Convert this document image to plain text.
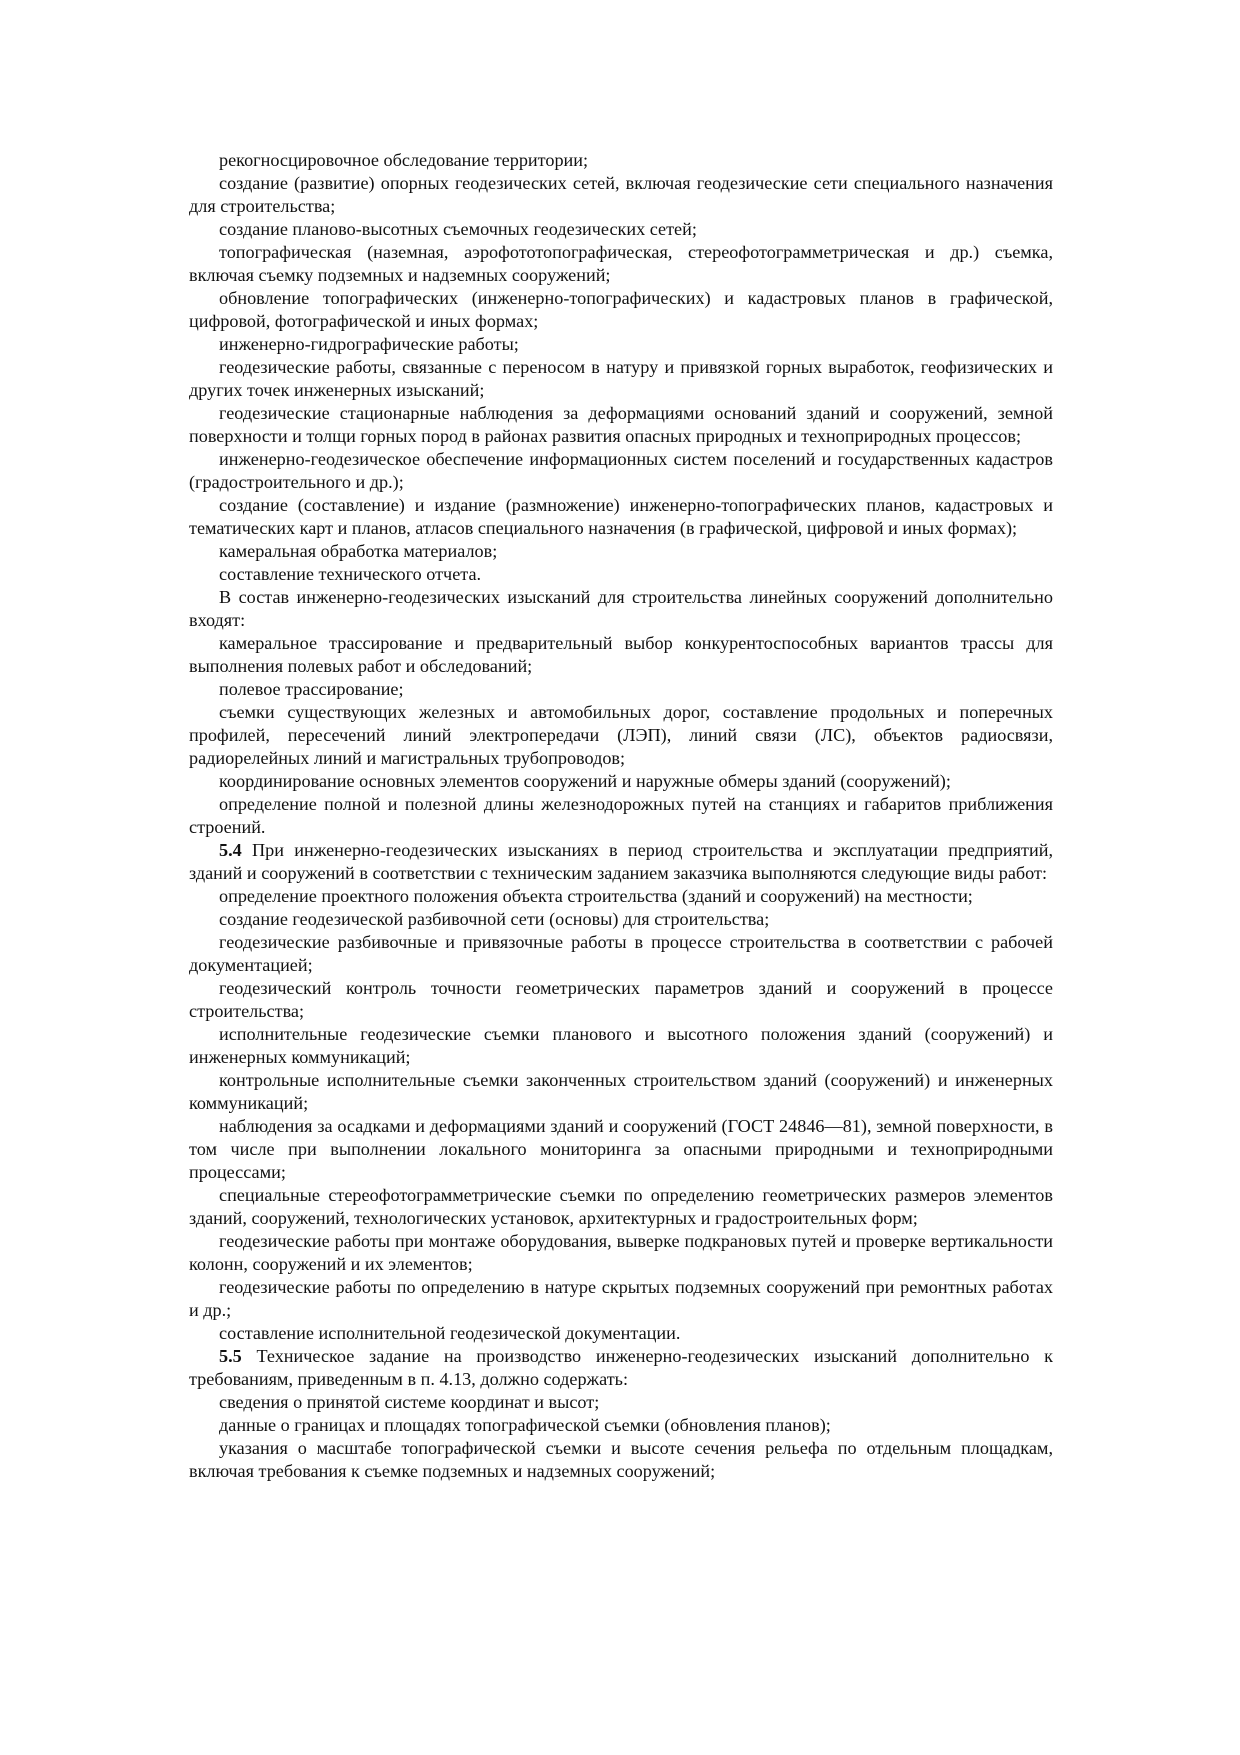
рекогносцировочное обследование территории;

создание (развитие) опорных геодезических сетей, включая геодезические сети специального назначения для строительства;

создание планово-высотных съемочных геодезических сетей;

топографическая (наземная, аэрофототопографическая, стереофотограмметрическая и др.) съемка, включая съемку подземных и надземных сооружений;

обновление топографических (инженерно-топографических) и кадастровых планов в графической, цифровой, фотографической и иных формах;

инженерно-гидрографические работы;

геодезические работы, связанные с переносом в натуру и привязкой горных выработок, геофизических и других точек инженерных изысканий;

геодезические стационарные наблюдения за деформациями оснований зданий и сооружений, земной поверхности и толщи горных пород в районах развития опасных природных и техноприродных процессов;

инженерно-геодезическое обеспечение информационных систем поселений и государственных кадастров (градостроительного и др.);

создание (составление) и издание (размножение) инженерно-топографических планов, кадастровых и тематических карт и планов, атласов специального назначения (в графической, цифровой и иных формах);

камеральная обработка материалов;

составление технического отчета.

В состав инженерно-геодезических изысканий для строительства линейных сооружений дополнительно входят:

камеральное трассирование и предварительный выбор конкурентоспособных вариантов трассы для выполнения полевых работ и обследований;

полевое трассирование;

съемки существующих железных и автомобильных дорог, составление продольных и поперечных профилей, пересечений линий электропередачи (ЛЭП), линий связи (ЛС), объектов радиосвязи, радиорелейных линий и магистральных трубопроводов;

координирование основных элементов сооружений и наружные обмеры зданий (сооружений);

определение полной и полезной длины железнодорожных путей на станциях и габаритов приближения строений.

5.4 При инженерно-геодезических изысканиях в период строительства и эксплуатации предприятий, зданий и сооружений в соответствии с техническим заданием заказчика выполняются следующие виды работ:

определение проектного положения объекта строительства (зданий и сооружений) на местности;

создание геодезической разбивочной сети (основы) для строительства;

геодезические разбивочные и привязочные работы в процессе строительства в соответствии с рабочей документацией;

геодезический контроль точности геометрических параметров зданий и сооружений в процессе строительства;

исполнительные геодезические съемки планового и высотного положения зданий (сооружений) и инженерных коммуникаций;

контрольные исполнительные съемки законченных строительством зданий (сооружений) и инженерных коммуникаций;

наблюдения за осадками и деформациями зданий и сооружений (ГОСТ 24846—81), земной поверхности, в том числе при выполнении локального мониторинга за опасными природными и техноприродными процессами;

специальные стереофотограмметрические съемки по определению геометрических размеров элементов зданий, сооружений, технологических установок, архитектурных и градостроительных форм;

геодезические работы при монтаже оборудования, выверке подкрановых путей и проверке вертикальности колонн, сооружений и их элементов;

геодезические работы по определению в натуре скрытых подземных сооружений при ремонтных работах и др.;

составление исполнительной геодезической документации.

5.5 Техническое задание на производство инженерно-геодезических изысканий дополнительно к требованиям, приведенным в п. 4.13, должно содержать:

сведения о принятой системе координат и высот;

данные о границах и площадях топографической съемки (обновления планов);

указания о масштабе топографической съемки и высоте сечения рельефа по отдельным площадкам, включая требования к съемке подземных и надземных сооружений;
